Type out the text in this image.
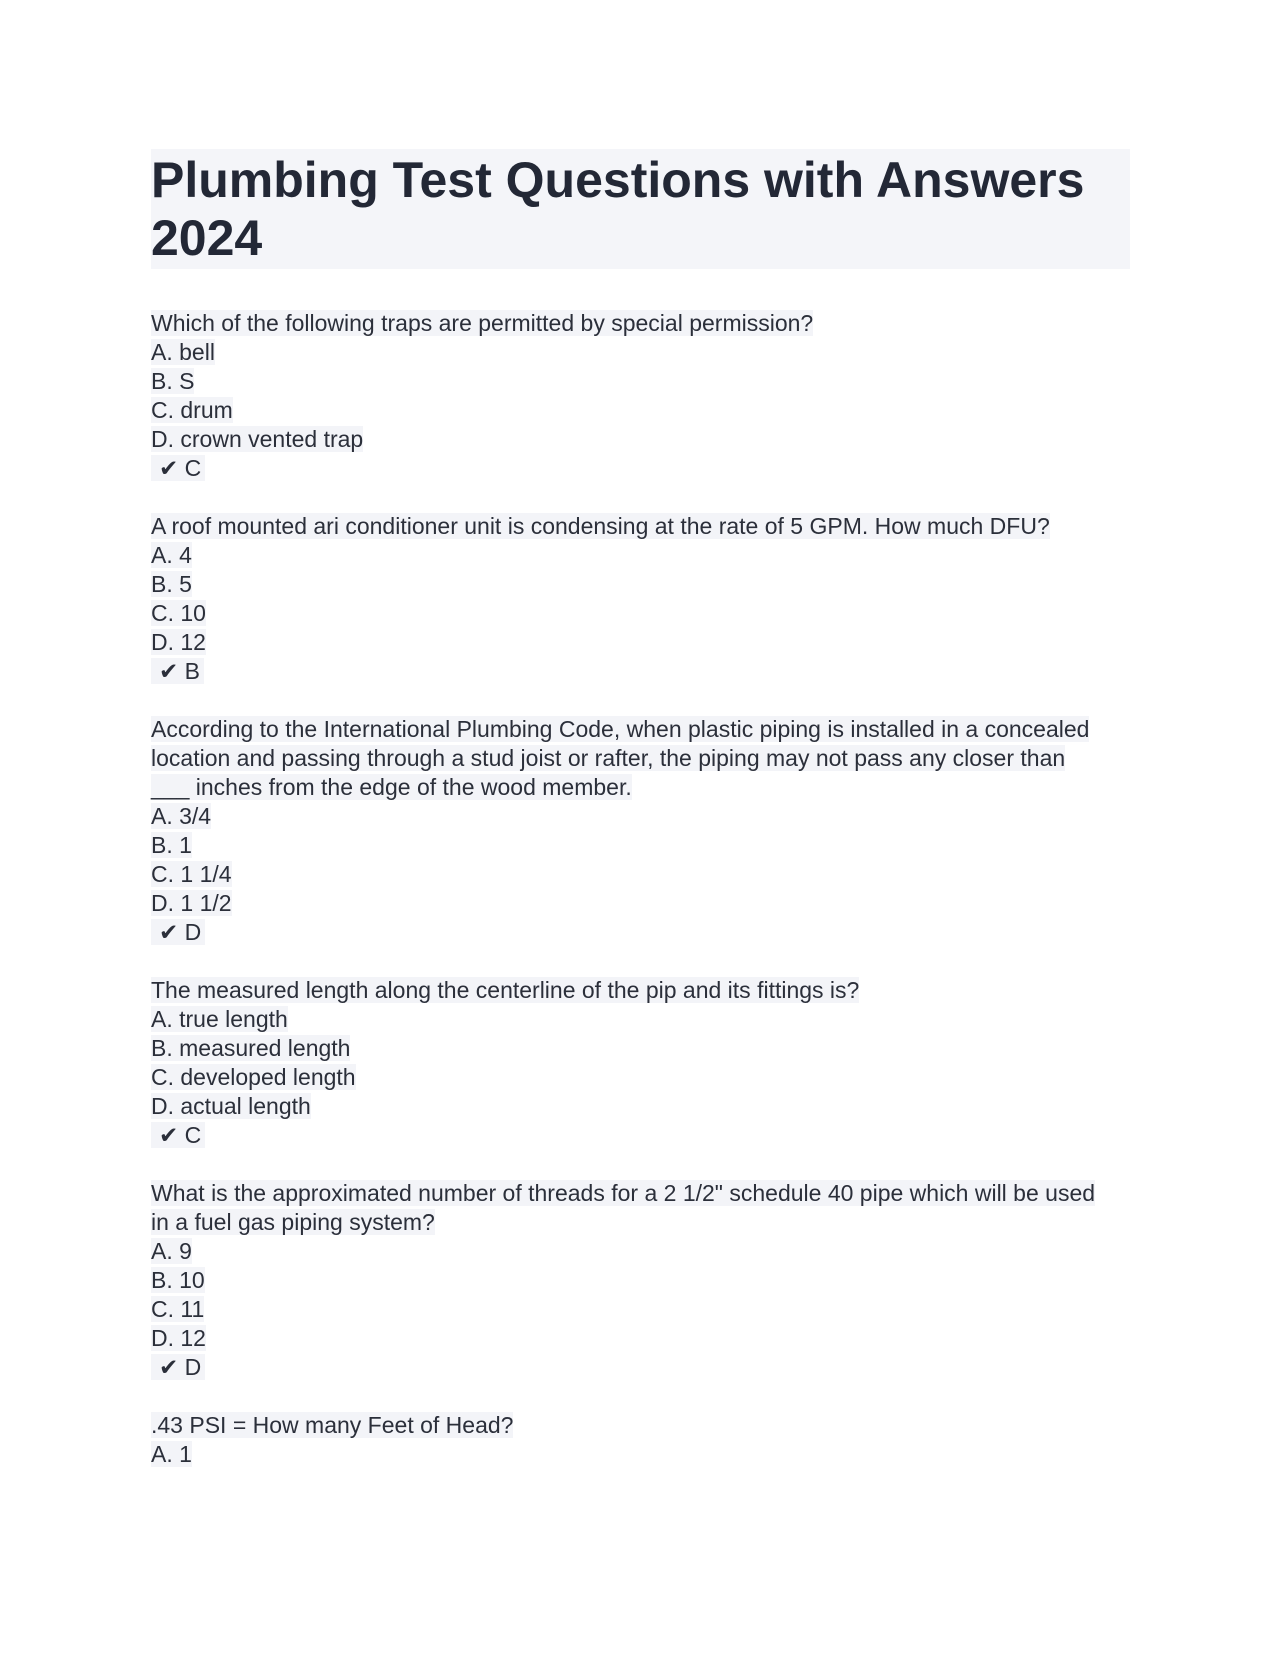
Plumbing Test Questions with Answers 2024
Which of the following traps are permitted by special permission?
A. bell
B. S
C. drum
D. crown vented trap
✔ C
A roof mounted ari conditioner unit is condensing at the rate of 5 GPM. How much DFU?
A. 4
B. 5
C. 10
D. 12
✔ B
According to the International Plumbing Code, when plastic piping is installed in a concealed location and passing through a stud joist or rafter, the piping may not pass any closer than ___ inches from the edge of the wood member.
A. 3/4
B. 1
C. 1 1/4
D. 1 1/2
✔ D
The measured length along the centerline of the pip and its fittings is?
A. true length
B. measured length
C. developed length
D. actual length
✔ C
What is the approximated number of threads for a 2 1/2" schedule 40 pipe which will be used in a fuel gas piping system?
A. 9
B. 10
C. 11
D. 12
✔ D
.43 PSI = How many Feet of Head?
A. 1
